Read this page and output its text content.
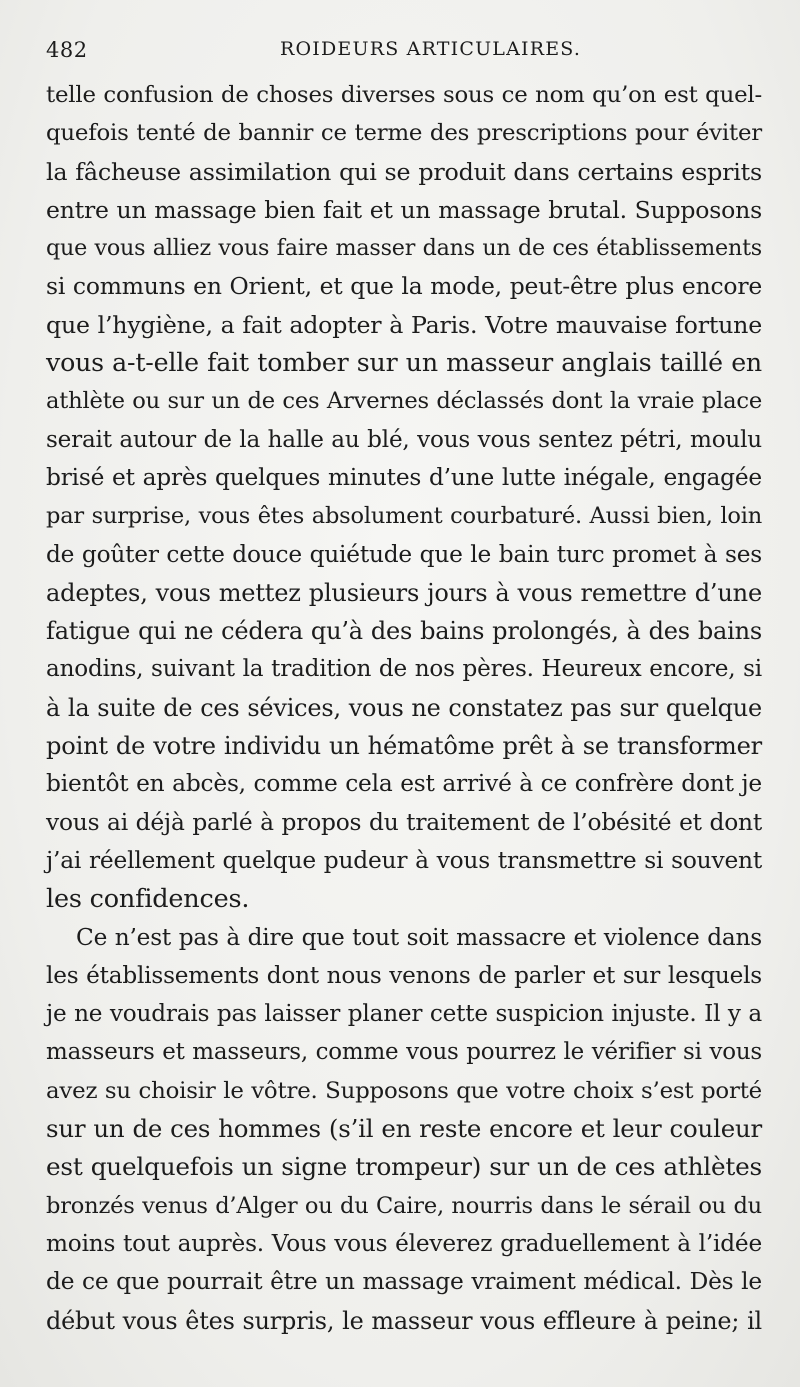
482	ROIDEURS ARTICULAIRES.
telle confusion de choses diverses sous ce nom qu’on est quel-
quefois tenté de bannir ce terme des prescriptions pour éviter
la fâcheuse assimilation qui se produit dans certains esprits
entre un massage bien fait et un massage brutal. Supposons
que vous alliez vous faire masser dans un de ces établissements
si communs en Orient, et que la mode, peut-être plus encore
que l’hygiène, a fait adopter à Paris. Votre mauvaise fortune
vous a-t-elle fait tomber sur un masseur anglais taillé en
athlète ou sur un de ces Arvernes déclassés dont la vraie place
serait autour de la halle au blé, vous vous sentez pétri, moulu
brisé et après quelques minutes d’une lutte inégale, engagée
par surprise, vous êtes absolument courbaturé. Aussi bien, loin
de goûter cette douce quiétude que le bain turc promet à ses
adeptes, vous mettez plusieurs jours à vous remettre d’une
fatigue qui ne cédera qu’à des bains prolongés, à des bains
anodins, suivant la tradition de nos pères. Heureux encore, si
à la suite de ces sévices, vous ne constatez pas sur quelque
point de votre individu un hématôme prêt à se transformer
bientôt en abcès, comme cela est arrivé à ce confrère dont je
vous ai déjà parlé à propos du traitement de l’obésité et dont
j’ai réellement quelque pudeur à vous transmettre si souvent
les confidences.
Ce n’est pas à dire que tout soit massacre et violence dans
les établissements dont nous venons de parler et sur lesquels
je ne voudrais pas laisser planer cette suspicion injuste. Il y a
masseurs et masseurs, comme vous pourrez le vérifier si vous
avez su choisir le vôtre. Supposons que votre choix s’est porté
sur un de ces hommes (s’il en reste encore et leur couleur
est quelquefois un signe trompeur) sur un de ces athlètes
bronzés venus d’Alger ou du Caire, nourris dans le sérail ou du
moins tout auprès. Vous vous éleverez graduellement à l’idée
de ce que pourrait être un massage vraiment médical. Dès le
début vous êtes surpris, le masseur vous effleure à peine; il
